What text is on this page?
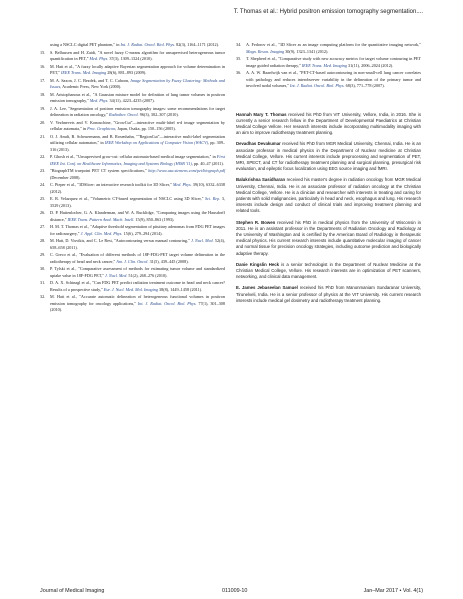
T. Thomas et al.: Hybrid positron emission tomography segmentation....

using a NSCLC digital PET phantom," in Int. J. Radiat. Oncol. Biol. Phys. 82(3), 1164–1171 (2012).

15. S. Belhassen and H. Zaidi, "A novel fuzzy C-means algorithm for unsupervised heterogeneous tumor quantification in PET," Med. Phys. 37(3), 1309–1324 (2010).

16. M. Hatt et al., "A fuzzy locally adaptive Bayesian segmentation approach for volume determination in PET," IEEE Trans. Med. Imaging 28(6), 881–893 (2009).

17. M. A. Saxon, J. C. Bezdek, and T. C. Cahoon, Image Segmentation by Fuzzy Clustering: Methods and Issues, Academic Press, New York (2000).

18. M. Aristophanous et al., "A Gaussian mixture model for definition of lung tumor volumes in positron emission tomography," Med. Phys. 34(11), 4223–4235 (2007).

19. J. A. Lee, "Segmentation of positron emission tomography images: some recommendations for target delineation in radiation oncology," Radiother. Oncol. 96(3), 302–307 (2010).

20. V. Vezhnevets and V. Konouchine, "GrowCut"—interactive multi-label n-d image segmentation by cellular automata," in Proc. Graphicon, Japan, Osaka, pp. 150–156 (2005).

21. O. J. Amdt, B. Scheuermann, and B. Rosenhahn, ""RegionCut"—interactive multi-label segmentation utilizing cellular automaton," in IEEE Workshop on Applications of Computer Vision (WACV), pp. 309–316 (2013).

22. P. Ghosh et al., "Unsupervised grow-cut: cellular automata-based medical image segmentation," in First IEEE Int. Conf. on Healthcare Informatics, Imaging and Systems Biology (HISB '11), pp. 40–47 (2011).

23. "BiographTM truepoint PET CT system specifications," http://www.usa.siemens.com/pet/biograph.pdf (December 2008).

24. C. Pieper et al., "3DSlicer: an interactive research toolkit for 3D Slicer," Med. Phys. 39(10), 6332–6338 (2012).

25. E. R. Velazquez et al., "Volumetric CT-based segmentation of NSCLC using 3D Slicer," Sci. Rep. 3, 3529 (2013).

26. D. P. Huttenlocher, G. A. Klanderman, and W. A. Rucklidge, "Comparing images using the Hausdorff distance," IEEE Trans. Pattern Anal. Mach. Intell. 15(9), 850–863 (1993).

27. H. M. T. Thomas et al., "Adaptive threshold segmentation of pituitary adenomas from FDG PET images for radiosurgery," J. Appl. Clin. Med. Phys. 15(6), 279–294 (2014).

28. M. Hatt, D. Visvikis, and C. Le Rest, "Autocontouring versus manual contouring," J. Nucl. Med. 52(4), 658–658 (2011).

29. C. Greco et al., "Evaluation of different methods of 18F-FDG-PET target volume delineation in the radiotherapy of head and neck cancer," Am. J. Clin. Oncol. 31(5), 439–445 (2008).

30. P. Tylski et al., "Comparative assessment of methods for estimating tumor volume and standardized uptake value in 18F-FDG PET," J. Nucl. Med. 51(2), 268–276 (2010).

31. D. A. X. Schinagl et al., "Can FDG PET predict radiation treatment outcome in head and neck cancer? Results of a prospective study," Eur. J. Nucl. Med. Mol. Imaging 38(8), 1449–1458 (2011).

32. M. Hatt et al., "Accurate automatic delineation of heterogeneous functional volumes in positron emission tomography for oncology applications," Int. J. Radiat. Oncol. Biol. Phys. 77(1), 301–308 (2010).

34. A. Fedorov et al., "3D Slicer as an image computing platform for the quantitative imaging network," Magn. Reson. Imaging 30(9), 1323–1341 (2012).

35. T. Shepherd et al., "Comparative study with new accuracy metrics for target volume contouring in PET image guided radiation therapy," IEEE Trans. Med. Imaging 31(11), 2006–2024 (2012).

36. A. A. W. Baardwijk van et al., "PET-CT-based autocontouring in non-small-cell lung cancer correlates with pathology and reduces interobserver variability in the delineation of the primary tumor and involved nodal volumes," Int. J. Radiat. Oncol. Biol. Phys. 68(3), 771–778 (2007).

Hannah Mary T. Thomas received his PhD from VIT University, Vellore, India, in 2016. She is currently a senior research fellow in the Department of Developmental Paediatrics at Christian Medical College Vellore. Her research interests include incorporating multimodality imaging with an aim to improve radiotherapy treatment planning.

Devadhas Devakumar received his PhD from MGR Medical University, Chennai, India. He is an associate professor in medical physics in the Department of Nuclear medicine at Christian Medical College, Vellore. His current interests include preprocessing and segmentation of PET, MRI, SPECT, and CT for radiotherapy treatment planning and surgical planning, presurgical risk evaluation, and epileptic focus localization using EEG source imaging and fMRI.

Balukrishna Sasidharan received his master's degree in radiation oncology from MGR Medical University, Chennai, India. He is an associate professor of radiation oncology at the Christian Medical College, Vellore. He is a clinician and researcher with interests in treating and caring for patients with solid malignancies, particularly in head and neck, esophagus and lung. His research interests include design and conduct of clinical trials and improving treatment planning and related tools.

Stephen R. Bowen received his PhD in medical physics from the University of Wisconsin in 2011. He is an assistant professor in the Departments of Radiation Oncology and Radiology at the University of Washington and is certified by the American Board of Radiology in therapeutic medical physics. His current research interests include quantitative molecular imaging of cancer and normal tissue for precision oncology strategies, including outcome prediction and biologically adaptive therapy.

Danie Kingslin Heck is a senior technologist in the Department of Nuclear Medicine at the Christian Medical College, Vellore. His research interests are in optimization of PET scanners, networking, and clinical data management.

E. James Jebaseelan Samuel received his PhD from Manonmaniam Sundaranar University, Tirunelveli, India. He is a senior professor of physics at the VIT University. His current research interests include medical gel dosimetry and radiotherapy treatment planning.

Journal of Medical Imaging	011009-10	Jan–Mar 2017 • Vol. 4(1)
